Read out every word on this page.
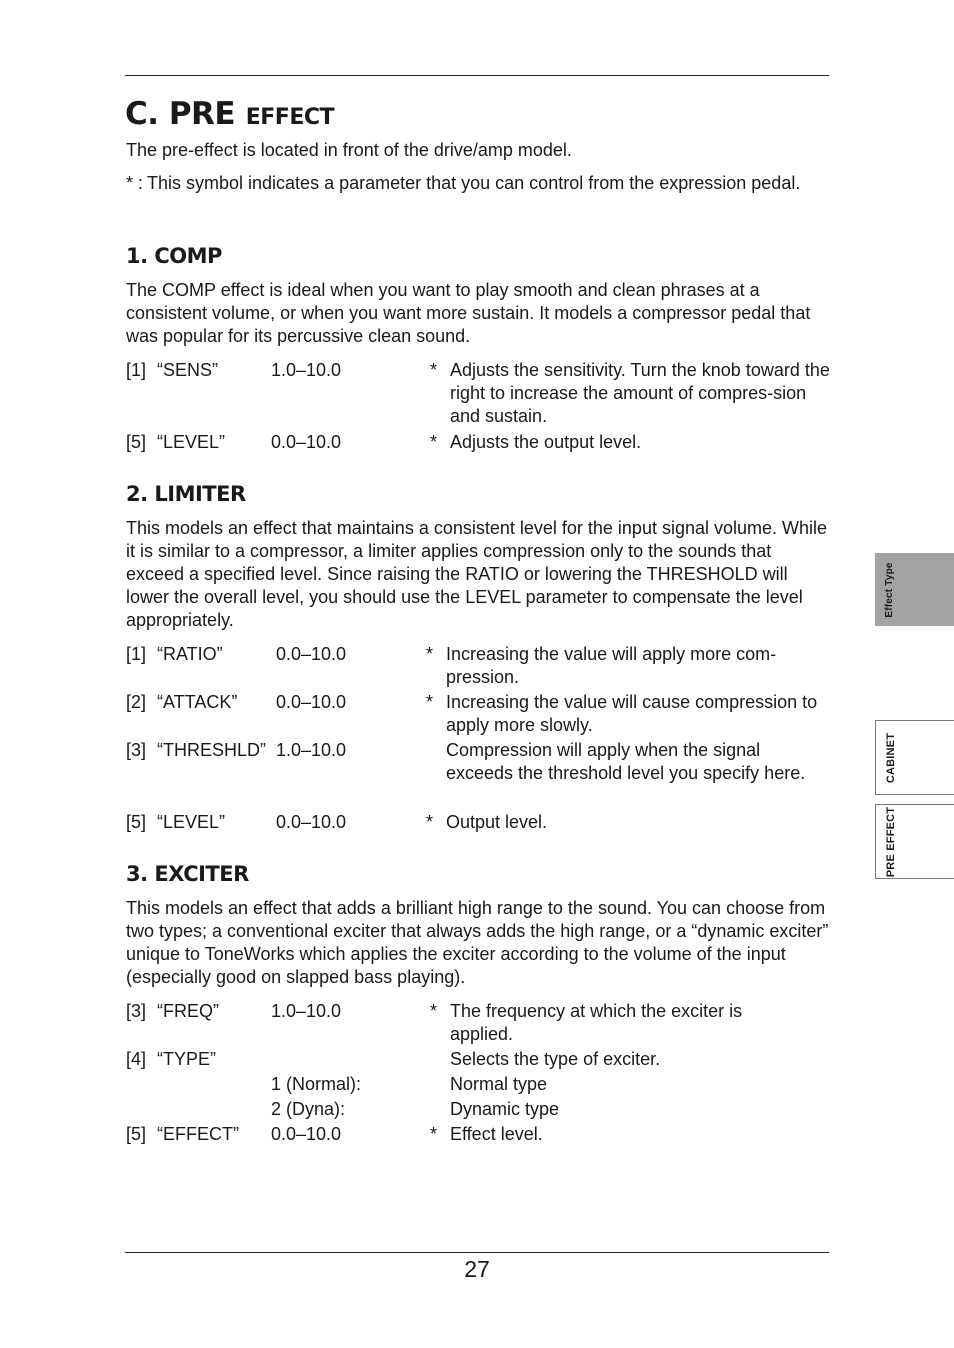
C. PRE EFFECT

The pre-effect is located in front of the drive/amp model.

* : This symbol indicates a parameter that you can control from the expression pedal.

1. COMP

The COMP effect is ideal when you want to play smooth and clean phrases at a consistent volume, or when you want more sustain. It models a compressor pedal that was popular for its percussive clean sound.

[1] “SENS”	1.0–10.0	* Adjusts the sensitivity. Turn the knob toward the right to increase the amount of compres-sion and sustain.
[5] “LEVEL”	0.0–10.0	* Adjusts the output level.
2. LIMITER

This models an effect that maintains a consistent level for the input signal volume. While it is similar to a compressor, a limiter applies compression only to the sounds that exceed a specified level. Since raising the RATIO or lowering the THRESHOLD will lower the overall level, you should use the LEVEL parameter to compensate the level appropriately.

[1] “RATIO”	0.0–10.0	* Increasing the value will apply more com-pression.
[2] “ATTACK” 0.0–10.0	* Increasing the value will cause compression to apply more slowly.
[3] “THRESHLD” 1.0–10.0	Compression will apply when the signal exceeds the threshold level you specify here.
[5] “LEVEL”	0.0–10.0	* Output level.
3. EXCITER

This models an effect that adds a brilliant high range to the sound. You can choose from two types; a conventional exciter that always adds the high range, or a “dynamic exciter” unique to ToneWorks which applies the exciter according to the volume of the input (especially good on slapped bass playing).

[3] “FREQ”	1.0–10.0	* The frequency at which the exciter is applied.
[4] “TYPE”	Selects the type of exciter.
1 (Normal):	Normal type
2 (Dyna):	Dynamic type
[5] “EFFECT” 0.0–10.0	* Effect level.
Effect Type
CABINET
PRE EFFECT
27
